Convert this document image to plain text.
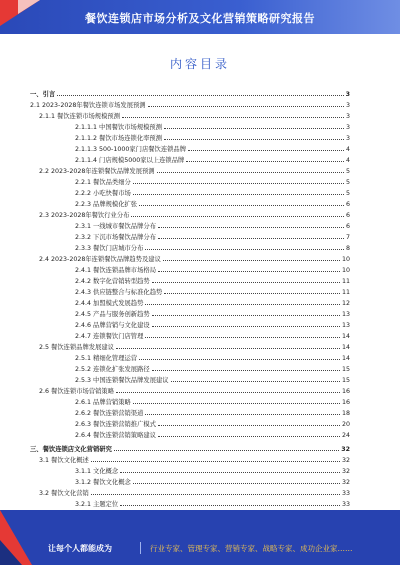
餐饮连锁店市场分析及文化营销策略研究报告
内容目录
一、引言	3
2.1 2023-2028年餐饮连锁市场发展预测	3
2.1.1 餐饮连锁市场规模预测	3
2.1.1.1 中国餐饮市场规模预测	3
2.1.1.2 餐饮市场连锁化率预测	3
2.1.1.3 500-1000家门店餐饮连锁品牌	4
2.1.1.4 门店规模5000家以上连锁品牌	4
2.2 2023-2028年连锁餐饮品牌发展预测	5
2.2.1 餐饮品类细分	5
2.2.2 小吃快餐市场	5
2.2.3 品牌规模化扩张	6
2.3 2023-2028年餐饮行业分布	6
2.3.1 一线城市餐饮品牌分布	6
2.3.2 下沉市场餐饮品牌分布	7
2.3.3 餐饮门店城市分布	8
2.4 2023-2028年连锁餐饮品牌趋势及建议	10
2.4.1 餐饮连锁品牌市场格局	10
2.4.2 数字化营销转型趋势	11
2.4.3 供应链整合与标准化趋势	11
2.4.4 加盟模式发展趋势	12
2.4.5 产品与服务创新趋势	13
2.4.6 品牌营销与文化建设	13
2.4.7 连锁餐饮门店管理	14
2.5 餐饮连锁品牌发展建议	14
2.5.1 精细化管理运营	14
2.5.2 连锁化扩张发展路径	15
2.5.3 中国连锁餐饮品牌发展建议	15
2.6 餐饮连锁市场营销策略	16
2.6.1 品牌营销策略	16
2.6.2 餐饮连锁营销渠道	18
2.6.3 餐饮连锁营销推广模式	20
2.6.4 餐饮连锁营销策略建议	24
三、餐饮连锁店文化营销研究	32
3.1 餐饮文化概述	32
3.1.1 文化概念	32
3.1.2 餐饮文化概念	32
3.2 餐饮文化营销	33
3.2.1 主题定位	33
让每个人都能成为	行业专家、管理专家、营销专家、战略专家、成功企业家……
